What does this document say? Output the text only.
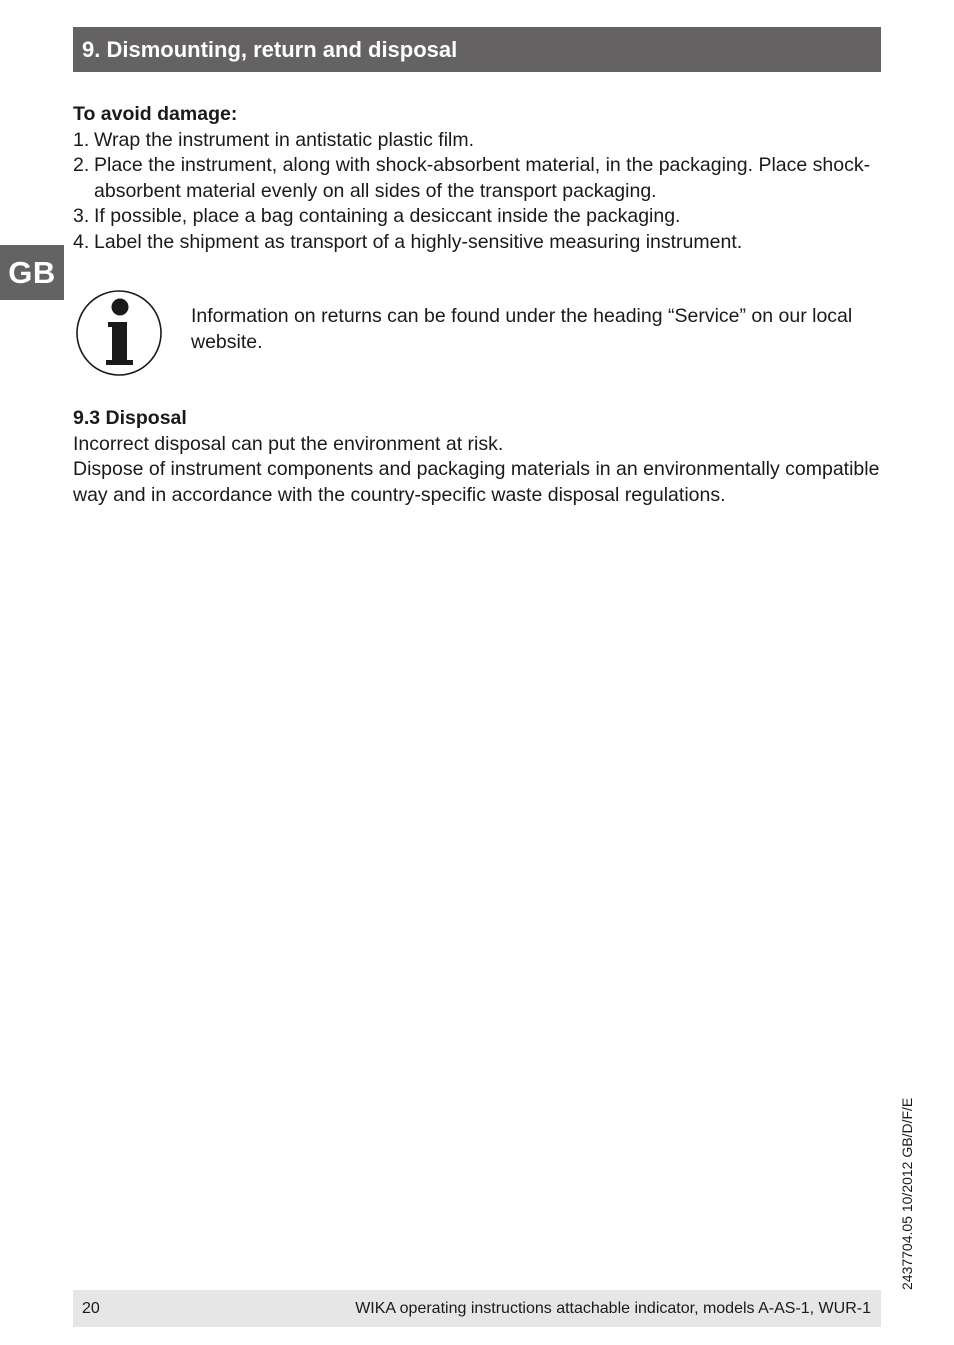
9. Dismounting, return and disposal
GB
To avoid damage:
1. Wrap the instrument in antistatic plastic film.
2. Place the instrument, along with shock-absorbent material, in the packaging. Place shock-absorbent material evenly on all sides of the transport packaging.
3. If possible, place a bag containing a desiccant inside the packaging.
4. Label the shipment as transport of a highly-sensitive measuring instrument.
Information on returns can be found under the heading “Service” on our local website.
9.3 Disposal
Incorrect disposal can put the environment at risk.
Dispose of instrument components and packaging materials in an environmentally compatible way and in accordance with the country-specific waste disposal regulations.
2437704.05 10/2012 GB/D/F/E
20	WIKA operating instructions attachable indicator, models A-AS-1, WUR-1
